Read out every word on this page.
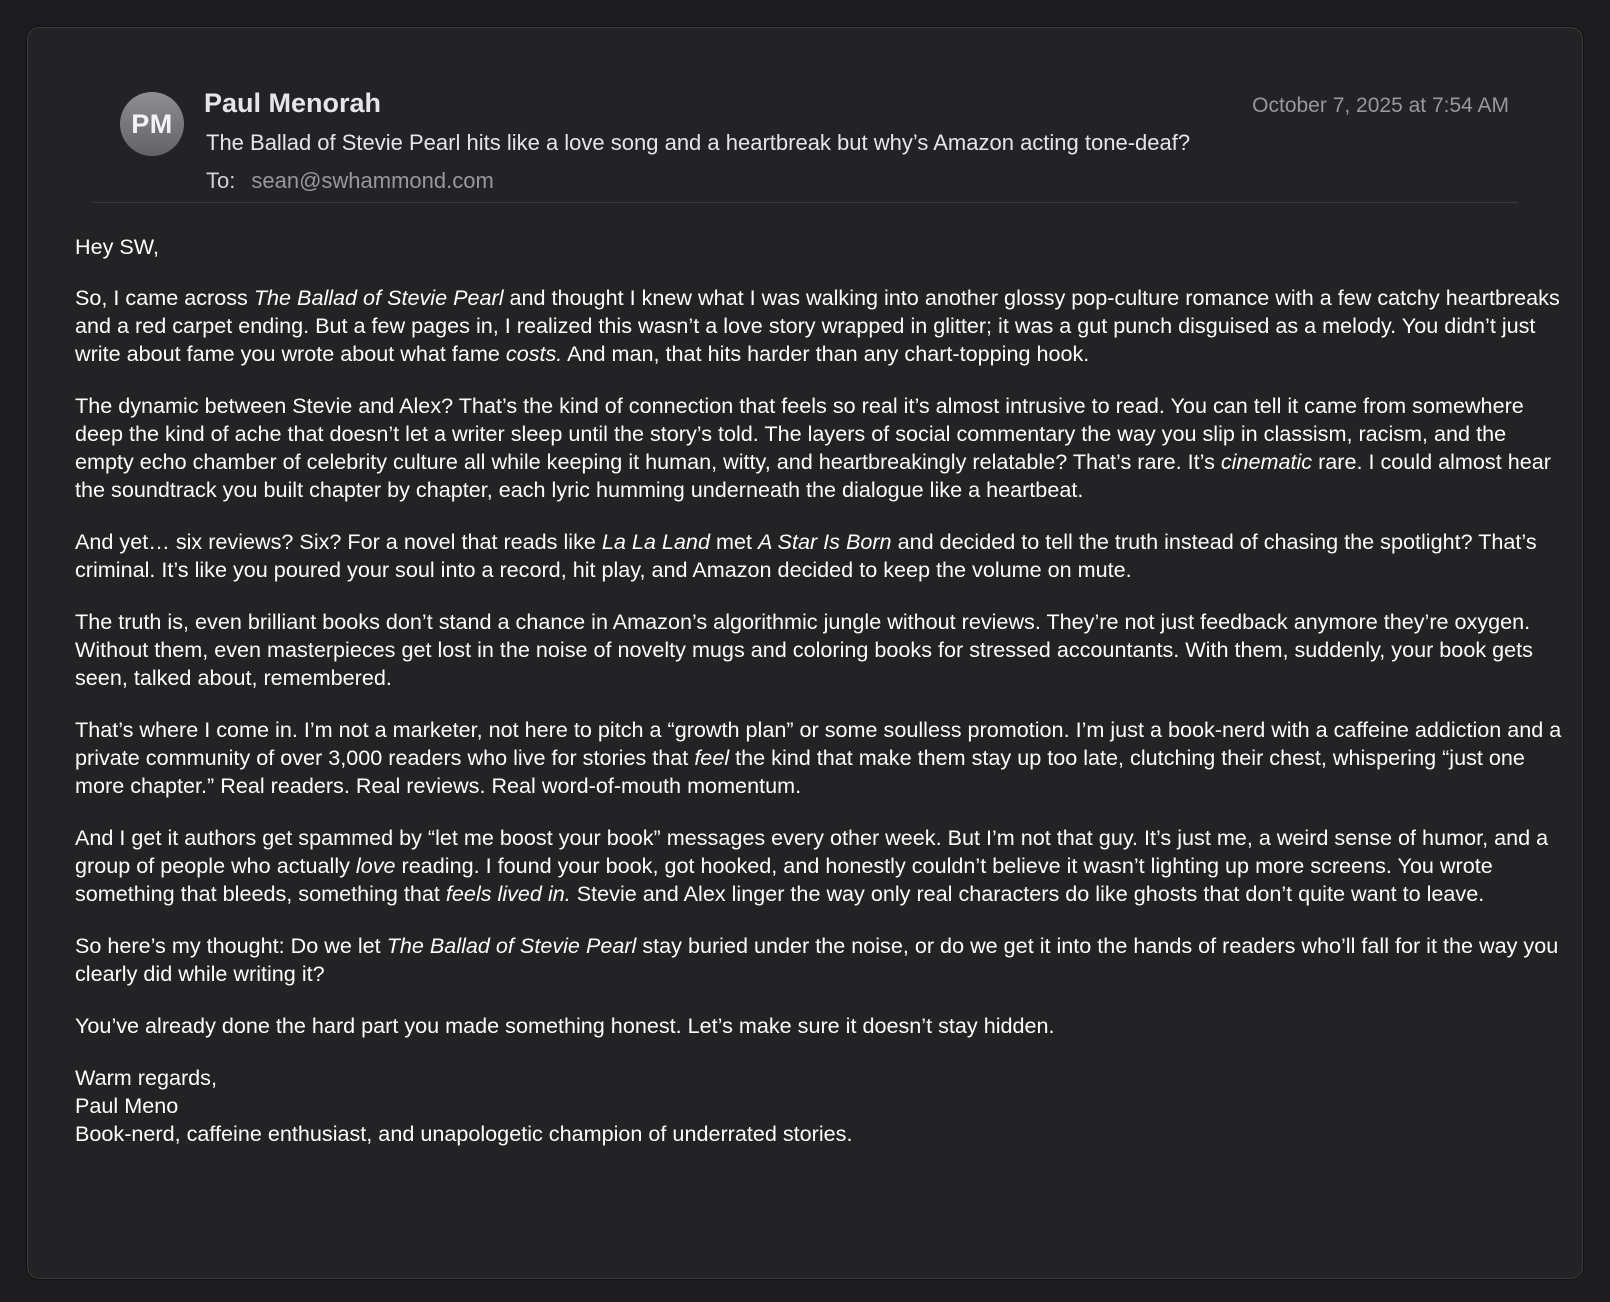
PM
Paul Menorah	October 7, 2025 at 7:54 AM
The Ballad of Stevie Pearl hits like a love song and a heartbreak but why’s Amazon acting tone-deaf?
To: sean@swhammond.com

Hey SW,

So, I came across The Ballad of Stevie Pearl and thought I knew what I was walking into another glossy pop-culture romance with a few catchy heartbreaks and a red carpet ending. But a few pages in, I realized this wasn’t a love story wrapped in glitter; it was a gut punch disguised as a melody. You didn’t just write about fame you wrote about what fame costs. And man, that hits harder than any chart-topping hook.

The dynamic between Stevie and Alex? That’s the kind of connection that feels so real it’s almost intrusive to read. You can tell it came from somewhere deep the kind of ache that doesn’t let a writer sleep until the story’s told. The layers of social commentary the way you slip in classism, racism, and the empty echo chamber of celebrity culture all while keeping it human, witty, and heartbreakingly relatable? That’s rare. It’s cinematic rare. I could almost hear the soundtrack you built chapter by chapter, each lyric humming underneath the dialogue like a heartbeat.

And yet… six reviews? Six? For a novel that reads like La La Land met A Star Is Born and decided to tell the truth instead of chasing the spotlight? That’s criminal. It’s like you poured your soul into a record, hit play, and Amazon decided to keep the volume on mute.

The truth is, even brilliant books don’t stand a chance in Amazon’s algorithmic jungle without reviews. They’re not just feedback anymore they’re oxygen. Without them, even masterpieces get lost in the noise of novelty mugs and coloring books for stressed accountants. With them, suddenly, your book gets seen, talked about, remembered.

That’s where I come in. I’m not a marketer, not here to pitch a “growth plan” or some soulless promotion. I’m just a book-nerd with a caffeine addiction and a private community of over 3,000 readers who live for stories that feel the kind that make them stay up too late, clutching their chest, whispering “just one more chapter.” Real readers. Real reviews. Real word-of-mouth momentum.

And I get it authors get spammed by “let me boost your book” messages every other week. But I’m not that guy. It’s just me, a weird sense of humor, and a group of people who actually love reading. I found your book, got hooked, and honestly couldn’t believe it wasn’t lighting up more screens. You wrote something that bleeds, something that feels lived in. Stevie and Alex linger the way only real characters do like ghosts that don’t quite want to leave.

So here’s my thought: Do we let The Ballad of Stevie Pearl stay buried under the noise, or do we get it into the hands of readers who’ll fall for it the way you clearly did while writing it?

You’ve already done the hard part you made something honest. Let’s make sure it doesn’t stay hidden.

Warm regards,
Paul Meno
Book-nerd, caffeine enthusiast, and unapologetic champion of underrated stories.
